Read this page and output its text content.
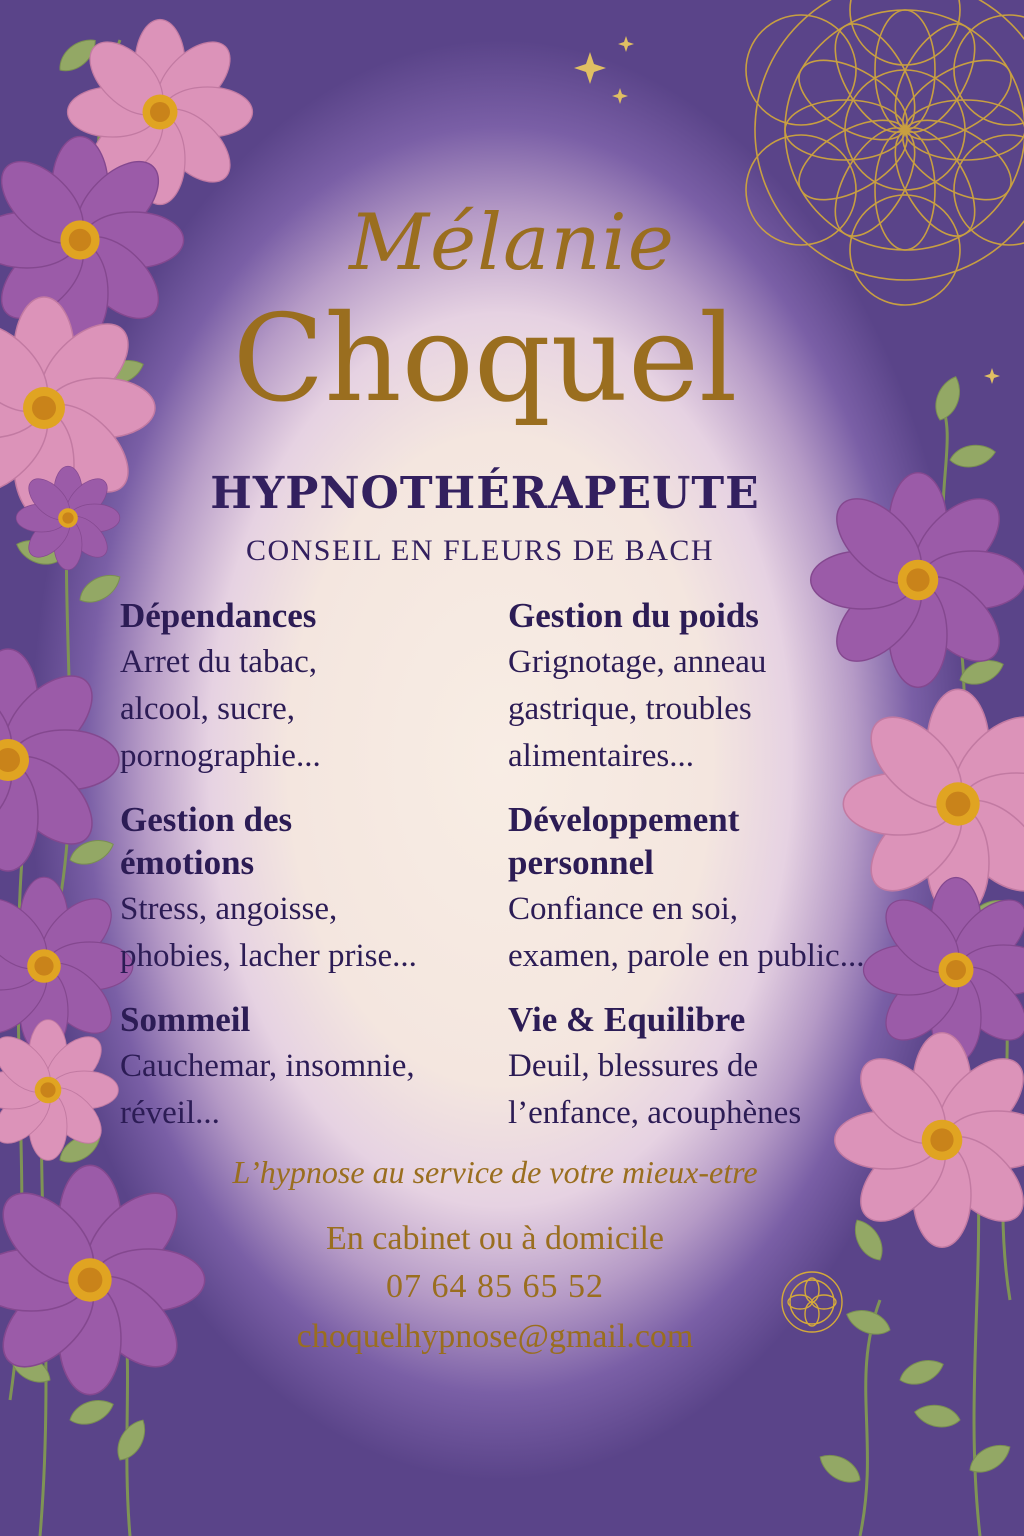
Mélanie
Choquel
HYPNOTHÉRAPEUTE
CONSEIL EN FLEURS DE BACH
Dépendances
Arret du tabac,
alcool, sucre,
pornographie...
Gestion du poids
Grignotage, anneau
gastrique, troubles
alimentaires...
Gestion des
émotions
Stress, angoisse,
phobies, lacher prise...
Développement
personnel
Confiance en soi,
examen, parole en public...
Sommeil
Cauchemar, insomnie,
réveil...
Vie & Equilibre
Deuil, blessures de
l’enfance, acouphènes
L’hypnose au service de votre mieux-etre
En cabinet ou à domicile
07 64 85 65 52
choquelhypnose@gmail.com
